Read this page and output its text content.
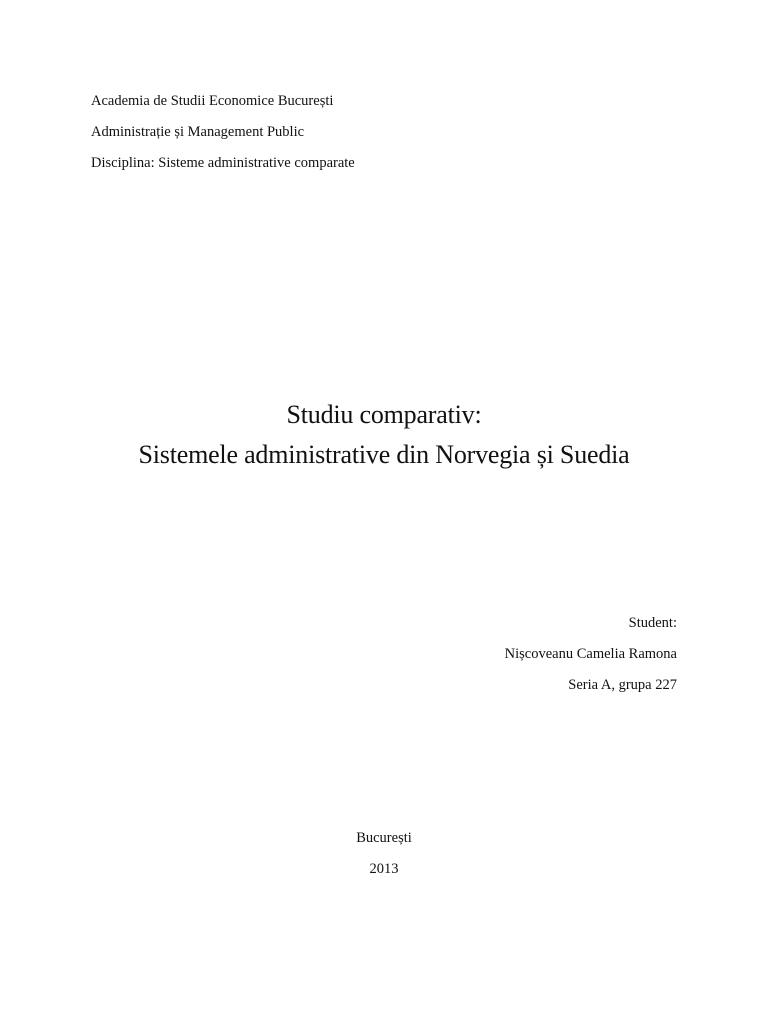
Academia de Studii Economice București

Administrație și Management Public

Disciplina: Sisteme administrative comparate

Studiu comparativ:

Sistemele administrative din Norvegia și Suedia

Student:

Nișcoveanu Camelia Ramona

Seria A, grupa 227

București

2013
